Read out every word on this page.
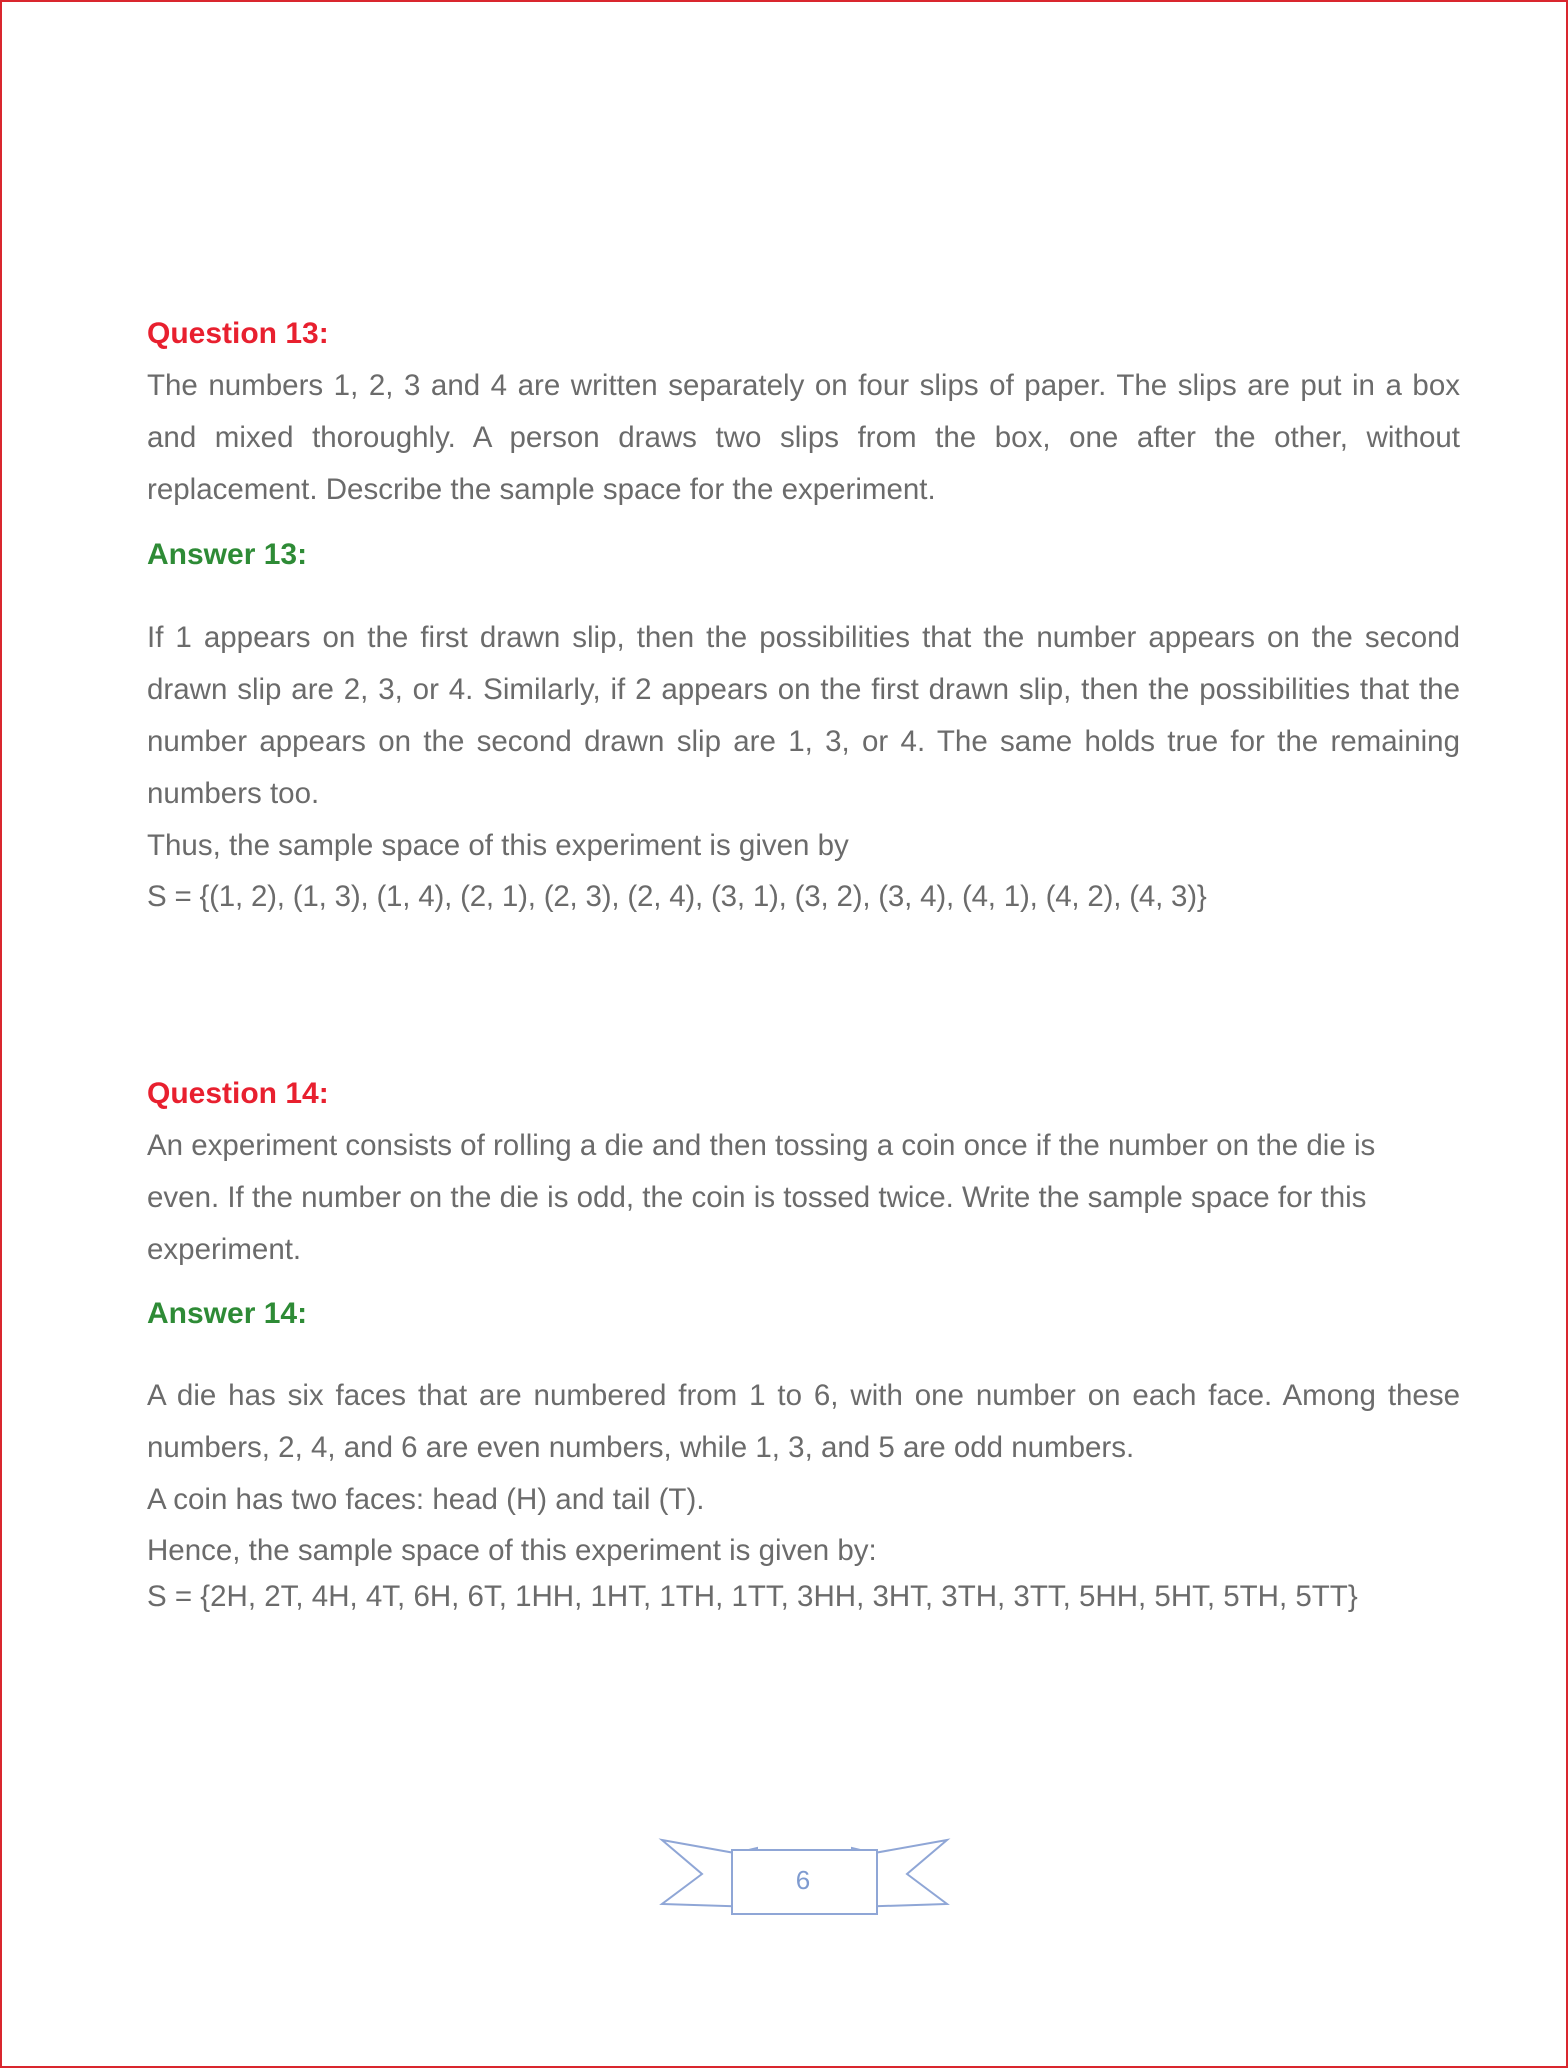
Question 13:

The numbers 1, 2, 3 and 4 are written separately on four slips of paper. The slips are put in a box and mixed thoroughly. A person draws two slips from the box, one after the other, without replacement. Describe the sample space for the experiment.

Answer 13:

If 1 appears on the first drawn slip, then the possibilities that the number appears on the second drawn slip are 2, 3, or 4. Similarly, if 2 appears on the first drawn slip, then the possibilities that the number appears on the second drawn slip are 1, 3, or 4. The same holds true for the remaining numbers too.

Thus, the sample space of this experiment is given by

S = {(1, 2), (1, 3), (1, 4), (2, 1), (2, 3), (2, 4), (3, 1), (3, 2), (3, 4), (4, 1), (4, 2), (4, 3)}

Question 14:

An experiment consists of rolling a die and then tossing a coin once if the number on the die is even. If the number on the die is odd, the coin is tossed twice. Write the sample space for this experiment.

Answer 14:

A die has six faces that are numbered from 1 to 6, with one number on each face. Among these numbers, 2, 4, and 6 are even numbers, while 1, 3, and 5 are odd numbers.

A coin has two faces: head (H) and tail (T).

Hence, the sample space of this experiment is given by:

S = {2H, 2T, 4H, 4T, 6H, 6T, 1HH, 1HT, 1TH, 1TT, 3HH, 3HT, 3TH, 3TT, 5HH, 5HT, 5TH, 5TT}

6
